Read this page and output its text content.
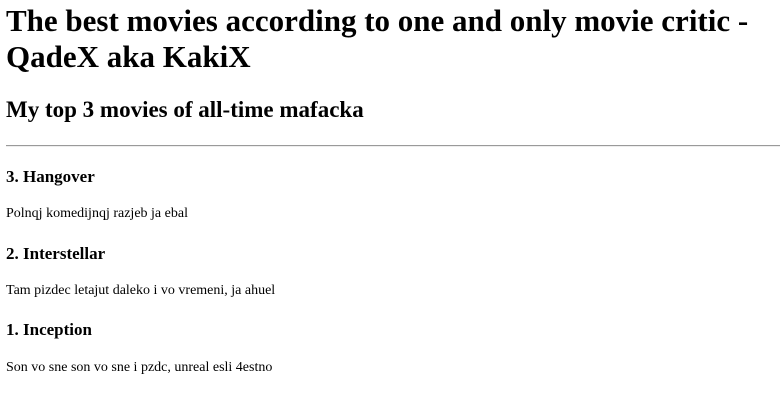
The best movies according to one and only movie critic - QadeX aka KakiX
My top 3 movies of all-time mafacka
3. Hangover

Polnqj komedijnqj razjeb ja ebal

2. Interstellar

Tam pizdec letajut daleko i vo vremeni, ja ahuel

1. Inception

Son vo sne son vo sne i pzdc, unreal esli 4estno
